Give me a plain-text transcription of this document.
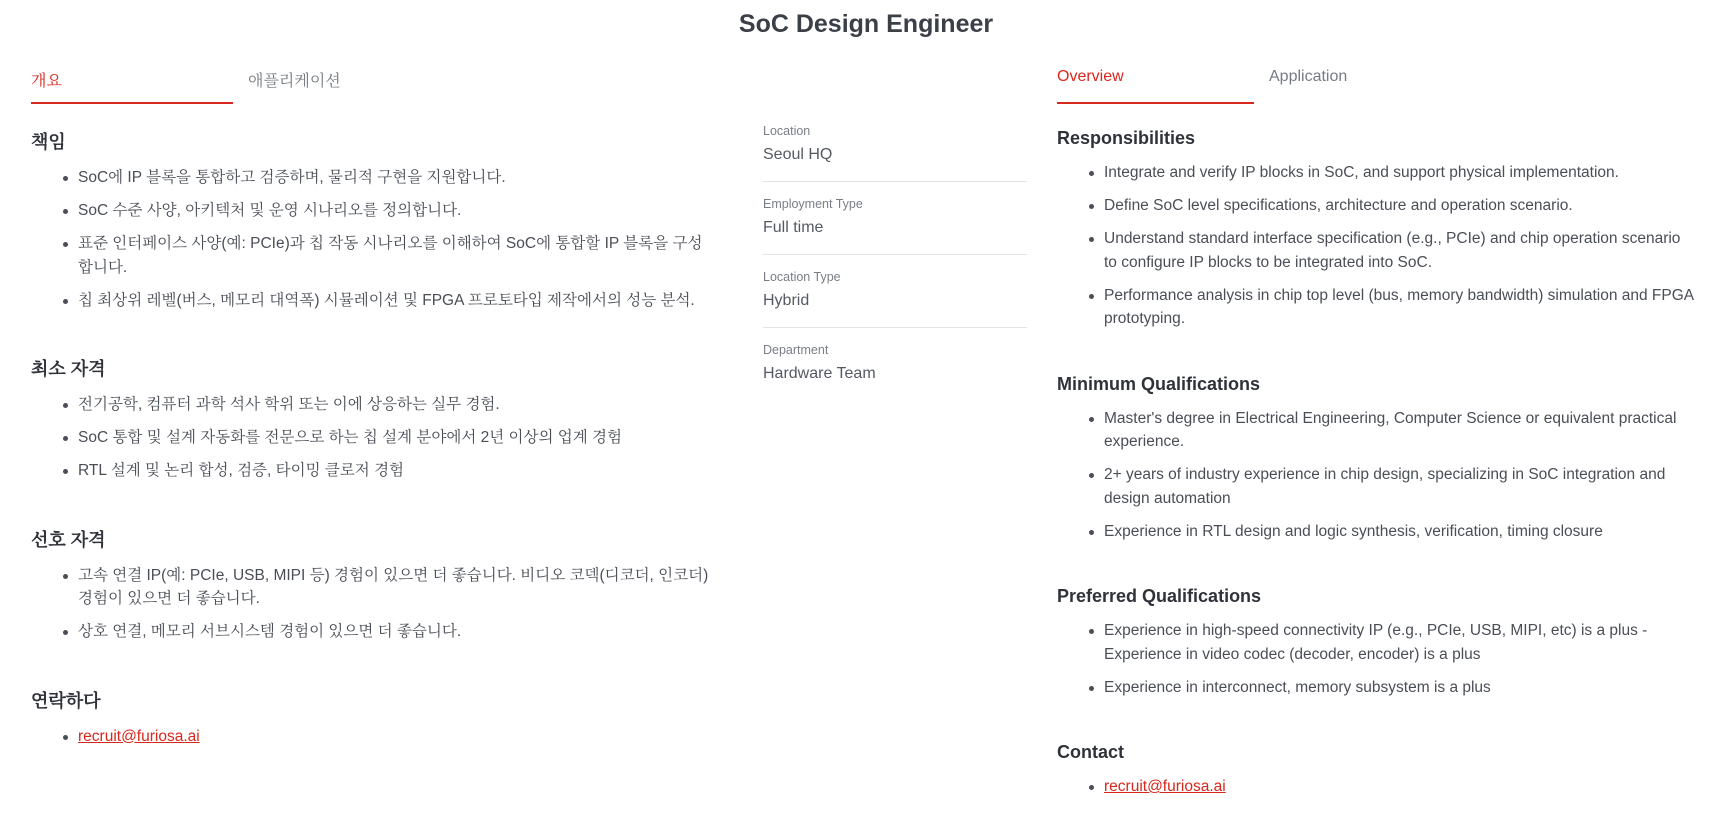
SoC Design Engineer
개요	애플리케이션
책임
SoC에 IP 블록을 통합하고 검증하며, 물리적 구현을 지원합니다.
SoC 수준 사양, 아키텍처 및 운영 시나리오를 정의합니다.
표준 인터페이스 사양(예: PCIe)과 칩 작동 시나리오를 이해하여 SoC에 통합할 IP 블록을 구성합니다.
칩 최상위 레벨(버스, 메모리 대역폭) 시뮬레이션 및 FPGA 프로토타입 제작에서의 성능 분석.
최소 자격
전기공학, 컴퓨터 과학 석사 학위 또는 이에 상응하는 실무 경험.
SoC 통합 및 설계 자동화를 전문으로 하는 칩 설계 분야에서 2년 이상의 업계 경험
RTL 설계 및 논리 합성, 검증, 타이밍 클로저 경험
선호 자격
고속 연결 IP(예: PCIe, USB, MIPI 등) 경험이 있으면 더 좋습니다. 비디오 코덱(디코더, 인코더) 경험이 있으면 더 좋습니다.
상호 연결, 메모리 서브시스템 경험이 있으면 더 좋습니다.
연락하다
recruit@furiosa.ai
Location
Seoul HQ
Employment Type
Full time
Location Type
Hybrid
Department
Hardware Team
Overview	Application
Responsibilities
Integrate and verify IP blocks in SoC, and support physical implementation.
Define SoC level specifications, architecture and operation scenario.
Understand standard interface specification (e.g., PCIe) and chip operation scenario to configure IP blocks to be integrated into SoC.
Performance analysis in chip top level (bus, memory bandwidth) simulation and FPGA prototyping.
Minimum Qualifications
Master's degree in Electrical Engineering, Computer Science or equivalent practical experience.
2+ years of industry experience in chip design, specializing in SoC integration and design automation
Experience in RTL design and logic synthesis, verification, timing closure
Preferred Qualifications
Experience in high-speed connectivity IP (e.g., PCIe, USB, MIPI, etc) is a plus - Experience in video codec (decoder, encoder) is a plus
Experience in interconnect, memory subsystem is a plus
Contact
recruit@furiosa.ai
